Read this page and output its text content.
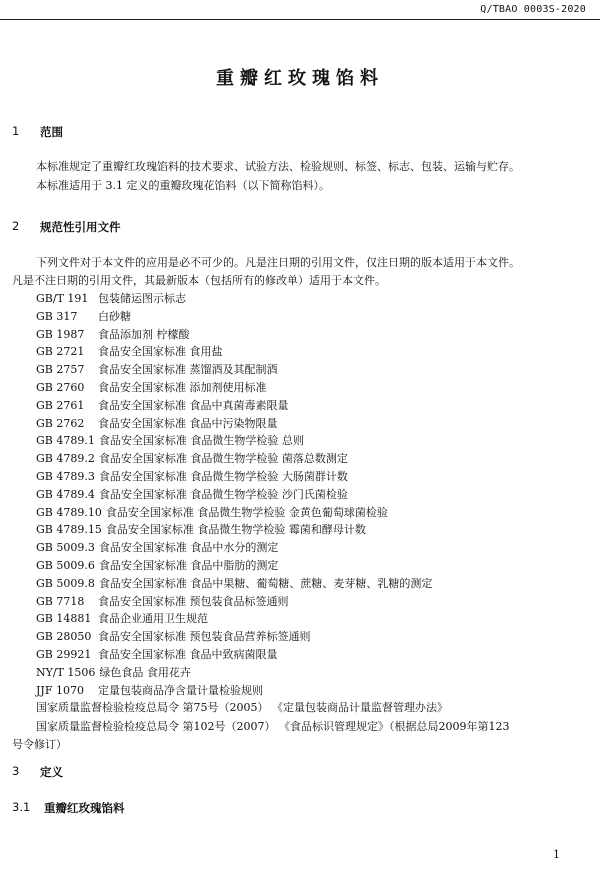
Q/TBAO 0003S-2020
重瓣红玫瑰馅料
1	范围
本标准规定了重瓣红玫瑰馅料的技术要求、试验方法、检验规则、标签、标志、包装、运输与贮存。
本标准适用于 3.1 定义的重瓣玫瑰花馅料（以下简称馅料）。
2	规范性引用文件
下列文件对于本文件的应用是必不可少的。凡是注日期的引用文件，仅注日期的版本适用于本文件。
凡是不注日期的引用文件，其最新版本（包括所有的修改单）适用于本文件。
GB/T 191 包装储运图示标志
GB 317 白砂糖
GB 1987 食品添加剂 柠檬酸
GB 2721 食品安全国家标准 食用盐
GB 2757 食品安全国家标准 蒸馏酒及其配制酒
GB 2760 食品安全国家标准 添加剂使用标准
GB 2761 食品安全国家标准 食品中真菌毒素限量
GB 2762 食品安全国家标准 食品中污染物限量
GB 4789.1 食品安全国家标准 食品微生物学检验 总则
GB 4789.2 食品安全国家标准 食品微生物学检验 菌落总数测定
GB 4789.3 食品安全国家标准 食品微生物学检验 大肠菌群计数
GB 4789.4 食品安全国家标准 食品微生物学检验 沙门氏菌检验
GB 4789.10 食品安全国家标准 食品微生物学检验 金黄色葡萄球菌检验
GB 4789.15 食品安全国家标准 食品微生物学检验 霉菌和酵母计数
GB 5009.3 食品安全国家标准 食品中水分的测定
GB 5009.6 食品安全国家标准 食品中脂肪的测定
GB 5009.8 食品安全国家标准 食品中果糖、葡萄糖、蔗糖、麦芽糖、乳糖的测定
GB 7718 食品安全国家标准 预包装食品标签通则
GB 14881 食品企业通用卫生规范
GB 28050 食品安全国家标准 预包装食品营养标签通则
GB 29921 食品安全国家标准 食品中致病菌限量
NY/T 1506 绿色食品 食用花卉
JJF 1070 定量包装商品净含量计量检验规则
国家质量监督检验检疫总局令 第75号（2005） 《定量包装商品计量监督管理办法》
国家质量监督检验检疫总局令 第102号（2007） 《食品标识管理规定》（根据总局2009年第123
号令修订）
3	定义
3.1	重瓣红玫瑰馅料
1
